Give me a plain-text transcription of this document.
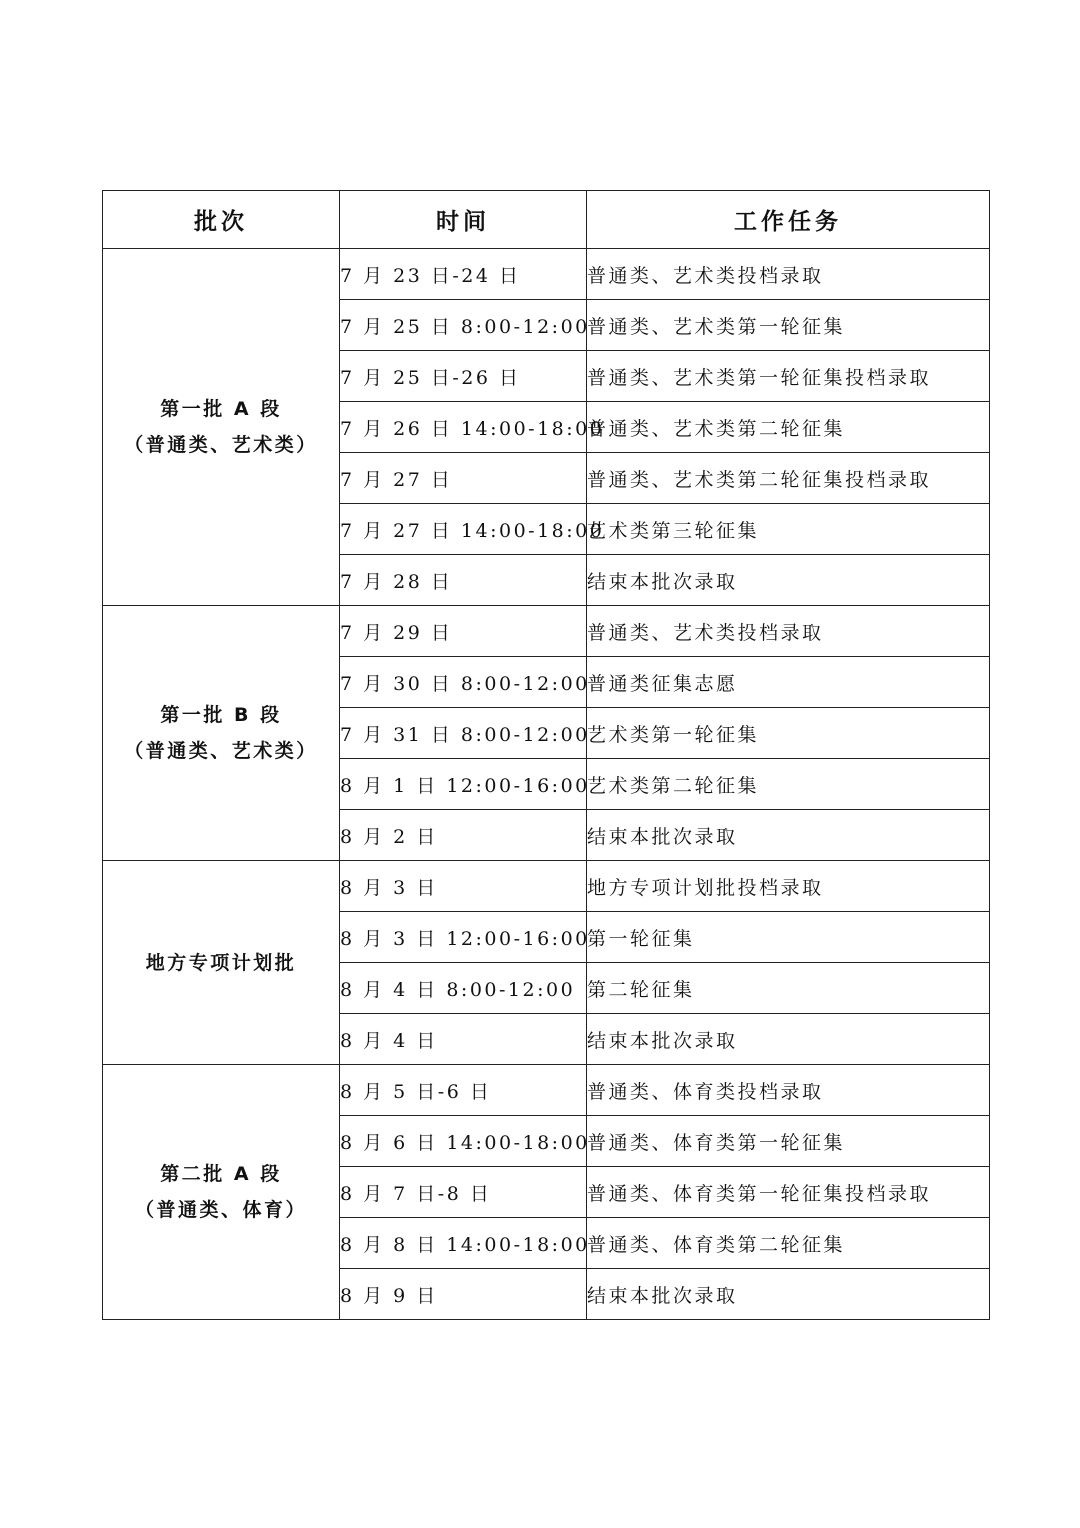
批次	时间	工作任务

第一批 A 段
（普通类、艺术类）	7 月 23 日-24 日	普通类、艺术类投档录取
	7 月 25 日 8:00-12:00	普通类、艺术类第一轮征集
	7 月 25 日-26 日	普通类、艺术类第一轮征集投档录取
	7 月 26 日 14:00-18:00	普通类、艺术类第二轮征集
	7 月 27 日	普通类、艺术类第二轮征集投档录取
	7 月 27 日 14:00-18:00	艺术类第三轮征集
	7 月 28 日	结束本批次录取

第一批 B 段
（普通类、艺术类）	7 月 29 日	普通类、艺术类投档录取
	7 月 30 日 8:00-12:00	普通类征集志愿
	7 月 31 日 8:00-12:00	艺术类第一轮征集
	8 月 1 日 12:00-16:00	艺术类第二轮征集
	8 月 2 日	结束本批次录取

地方专项计划批	8 月 3 日	地方专项计划批投档录取
	8 月 3 日 12:00-16:00	第一轮征集
	8 月 4 日 8:00-12:00	第二轮征集
	8 月 4 日	结束本批次录取

第二批 A 段
（普通类、体育）	8 月 5 日-6 日	普通类、体育类投档录取
	8 月 6 日 14:00-18:00	普通类、体育类第一轮征集
	8 月 7 日-8 日	普通类、体育类第一轮征集投档录取
	8 月 8 日 14:00-18:00	普通类、体育类第二轮征集
	8 月 9 日	结束本批次录取
